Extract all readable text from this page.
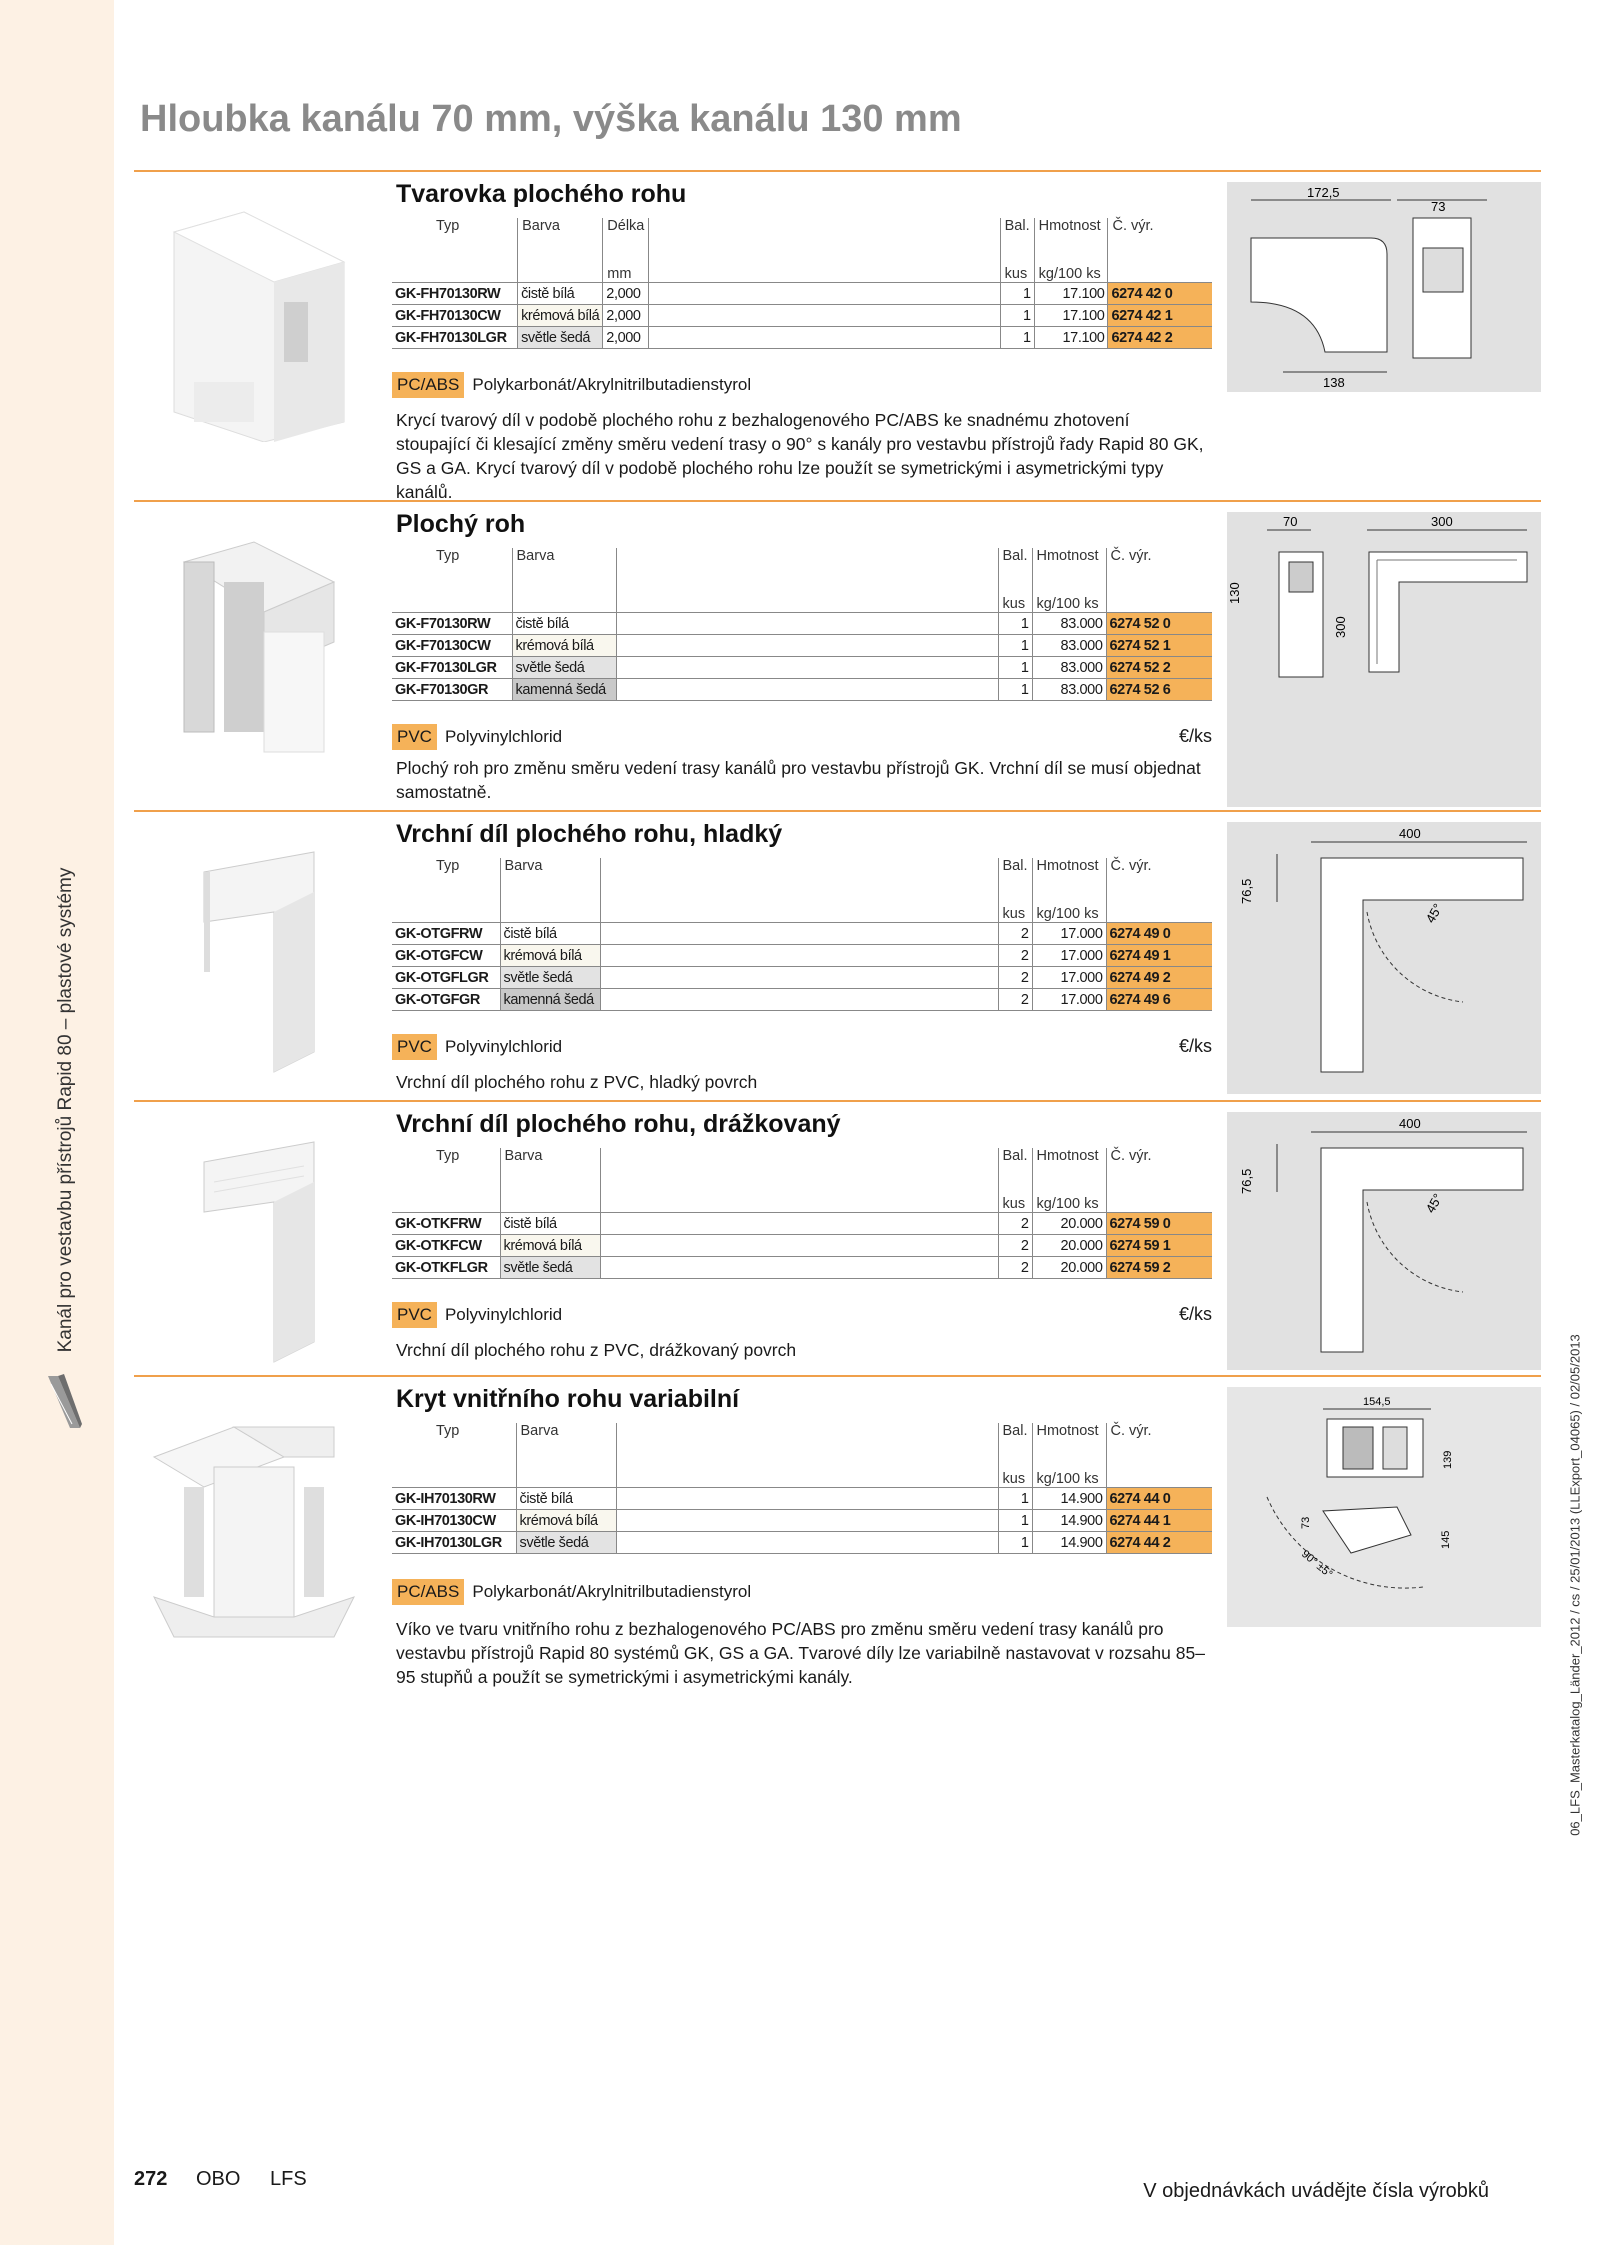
Kanál pro vestavbu přístrojů Rapid 80 – plastové systémy
06_LFS_Masterkatalog_Länder_2012 / cs / 25/01/2013 (LLExport_04065) / 02/05/2013
Hloubka kanálu 70 mm, výška kanálu 130 mm
Tvarovka plochého rohu
Typ	Barva	Délka		Bal.	Hmotnost	Č. výr.

		mm		kus	kg/100 ks	
GK-FH70130RW	čistě bílá	2,000		1	17.100	6274 42 0
GK-FH70130CW	krémová bílá	2,000		1	17.100	6274 42 1
GK-FH70130LGR	světle šedá	2,000		1	17.100	6274 42 2
PC/ABS Polykarbonát/Akrylnitrilbutadienstyrol

Krycí tvarový díl v podobě plochého rohu z bezhalogenového PC/ABS ke snadnému zhotovení stoupající či klesající změny směru vedení trasy o 90° s kanály pro vestavbu přístrojů řady Rapid 80 GK, GS a GA. Krycí tvarový díl v podobě plochého rohu lze použít se symetrickými i asymetrickými typy kanálů.

172,5
73
138
Plochý roh
Typ	Barva		Bal.	Hmotnost	Č. výr.

			kus	kg/100 ks	
GK-F70130RW	čistě bílá		1	83.000	6274 52 0
GK-F70130CW	krémová bílá		1	83.000	6274 52 1
GK-F70130LGR	světle šedá		1	83.000	6274 52 2
GK-F70130GR	kamenná šedá		1	83.000	6274 52 6
PVC Polyvinylchlorid	€/ks

Plochý roh pro změnu směru vedení trasy kanálů pro vestavbu přístrojů GK. Vrchní díl se musí objednat samostatně.

70	300
130
300
Vrchní díl plochého rohu, hladký
Typ	Barva		Bal.	Hmotnost	Č. výr.

			kus	kg/100 ks	
GK-OTGFRW	čistě bílá		2	17.000	6274 49 0
GK-OTGFCW	krémová bílá		2	17.000	6274 49 1
GK-OTGFLGR	světle šedá		2	17.000	6274 49 2
GK-OTGFGR	kamenná šedá		2	17.000	6274 49 6
PVC Polyvinylchlorid	€/ks

Vrchní díl plochého rohu z PVC, hladký povrch

400
76,5
45°
Vrchní díl plochého rohu, drážkovaný
Typ	Barva		Bal.	Hmotnost	Č. výr.

			kus	kg/100 ks	
GK-OTKFRW	čistě bílá		2	20.000	6274 59 0
GK-OTKFCW	krémová bílá		2	20.000	6274 59 1
GK-OTKFLGR	světle šedá		2	20.000	6274 59 2
PVC Polyvinylchlorid	€/ks

Vrchní díl plochého rohu z PVC, drážkovaný povrch

400
76,5
45°
Kryt vnitřního rohu variabilní
Typ	Barva		Bal.	Hmotnost	Č. výr.

			kus	kg/100 ks	
GK-IH70130RW	čistě bílá		1	14.900	6274 44 0
GK-IH70130CW	krémová bílá		1	14.900	6274 44 1
GK-IH70130LGR	světle šedá		1	14.900	6274 44 2
PC/ABS Polykarbonát/Akrylnitrilbutadienstyrol

Víko ve tvaru vnitřního rohu z bezhalogenového PC/ABS pro změnu směru vedení trasy kanálů pro vestavbu přístrojů Rapid 80 systémů GK, GS a GA. Tvarové díly lze variabilně nastavovat v rozsahu 85–95 stupňů a použít se symetrickými i asymetrickými kanály.

154,5
139
73
145
90° ±5°
272 OBO LFS
V objednávkách uvádějte čísla výrobků
